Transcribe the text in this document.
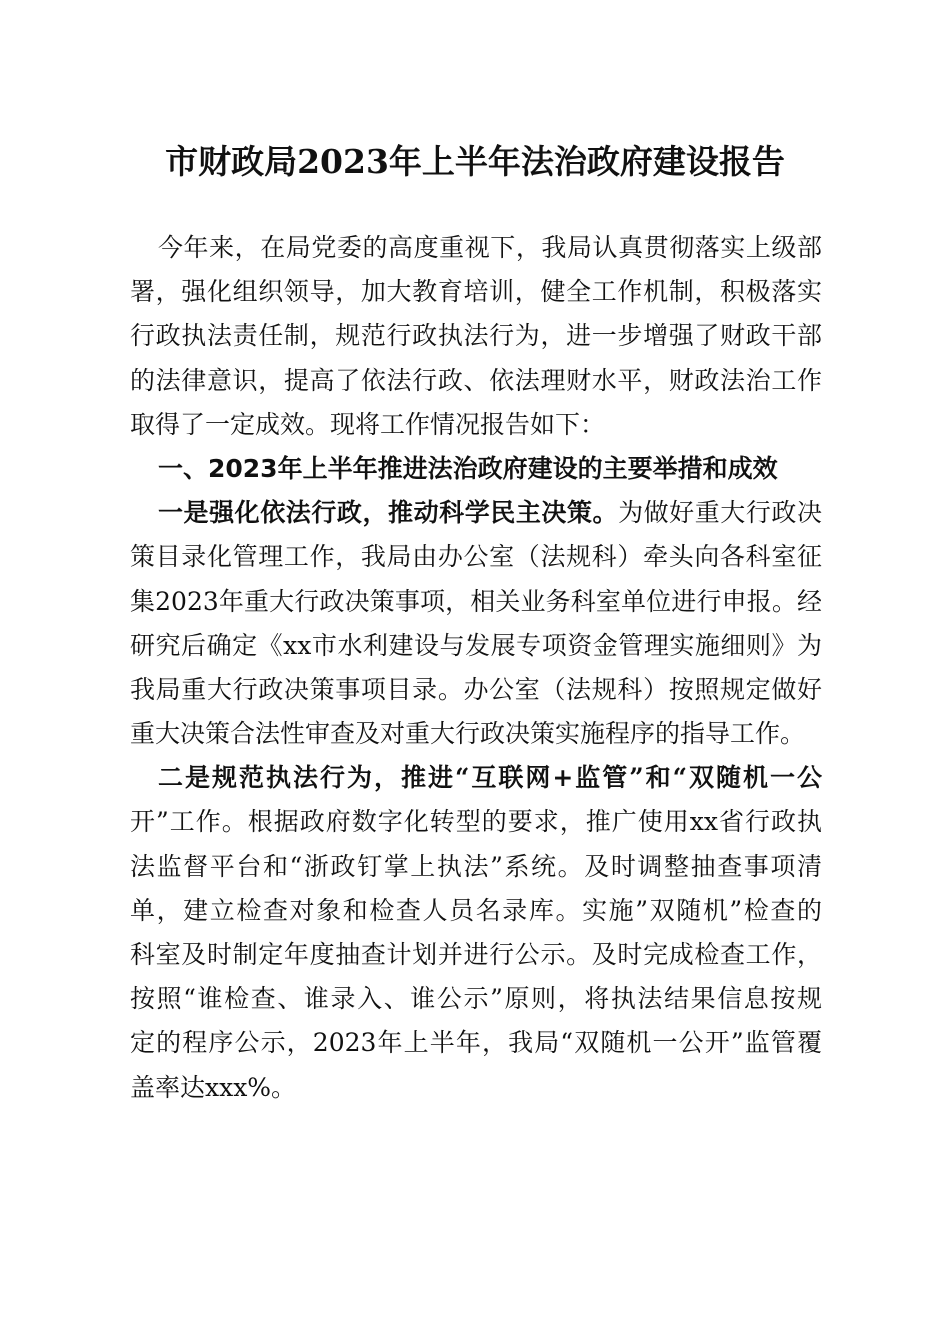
市财政局2023年上半年法治政府建设报告
今年来，在局党委的高度重视下，我局认真贯彻落实上级部
署，强化组织领导，加大教育培训，健全工作机制，积极落实
行政执法责任制，规范行政执法行为，进一步增强了财政干部
的法律意识，提高了依法行政、依法理财水平，财政法治工作
取得了一定成效。现将工作情况报告如下：
一、2023年上半年推进法治政府建设的主要举措和成效
一是强化依法行政，推动科学民主决策。为做好重大行政决
策目录化管理工作，我局由办公室（法规科）牵头向各科室征
集2023年重大行政决策事项，相关业务科室单位进行申报。经
研究后确定《xx市水利建设与发展专项资金管理实施细则》为
我局重大行政决策事项目录。办公室（法规科）按照规定做好
重大决策合法性审查及对重大行政决策实施程序的指导工作。
二是规范执法行为，推进“互联网+监管”和“双随机一公
开”工作。根据政府数字化转型的要求，推广使用xx省行政执
法监督平台和“浙政钉掌上执法”系统。及时调整抽查事项清
单，建立检查对象和检查人员名录库。实施”双随机”检查的
科室及时制定年度抽查计划并进行公示。及时完成检查工作，
按照“谁检查、谁录入、谁公示”原则，将执法结果信息按规
定的程序公示，2023年上半年，我局“双随机一公开”监管覆
盖率达xxx%。
